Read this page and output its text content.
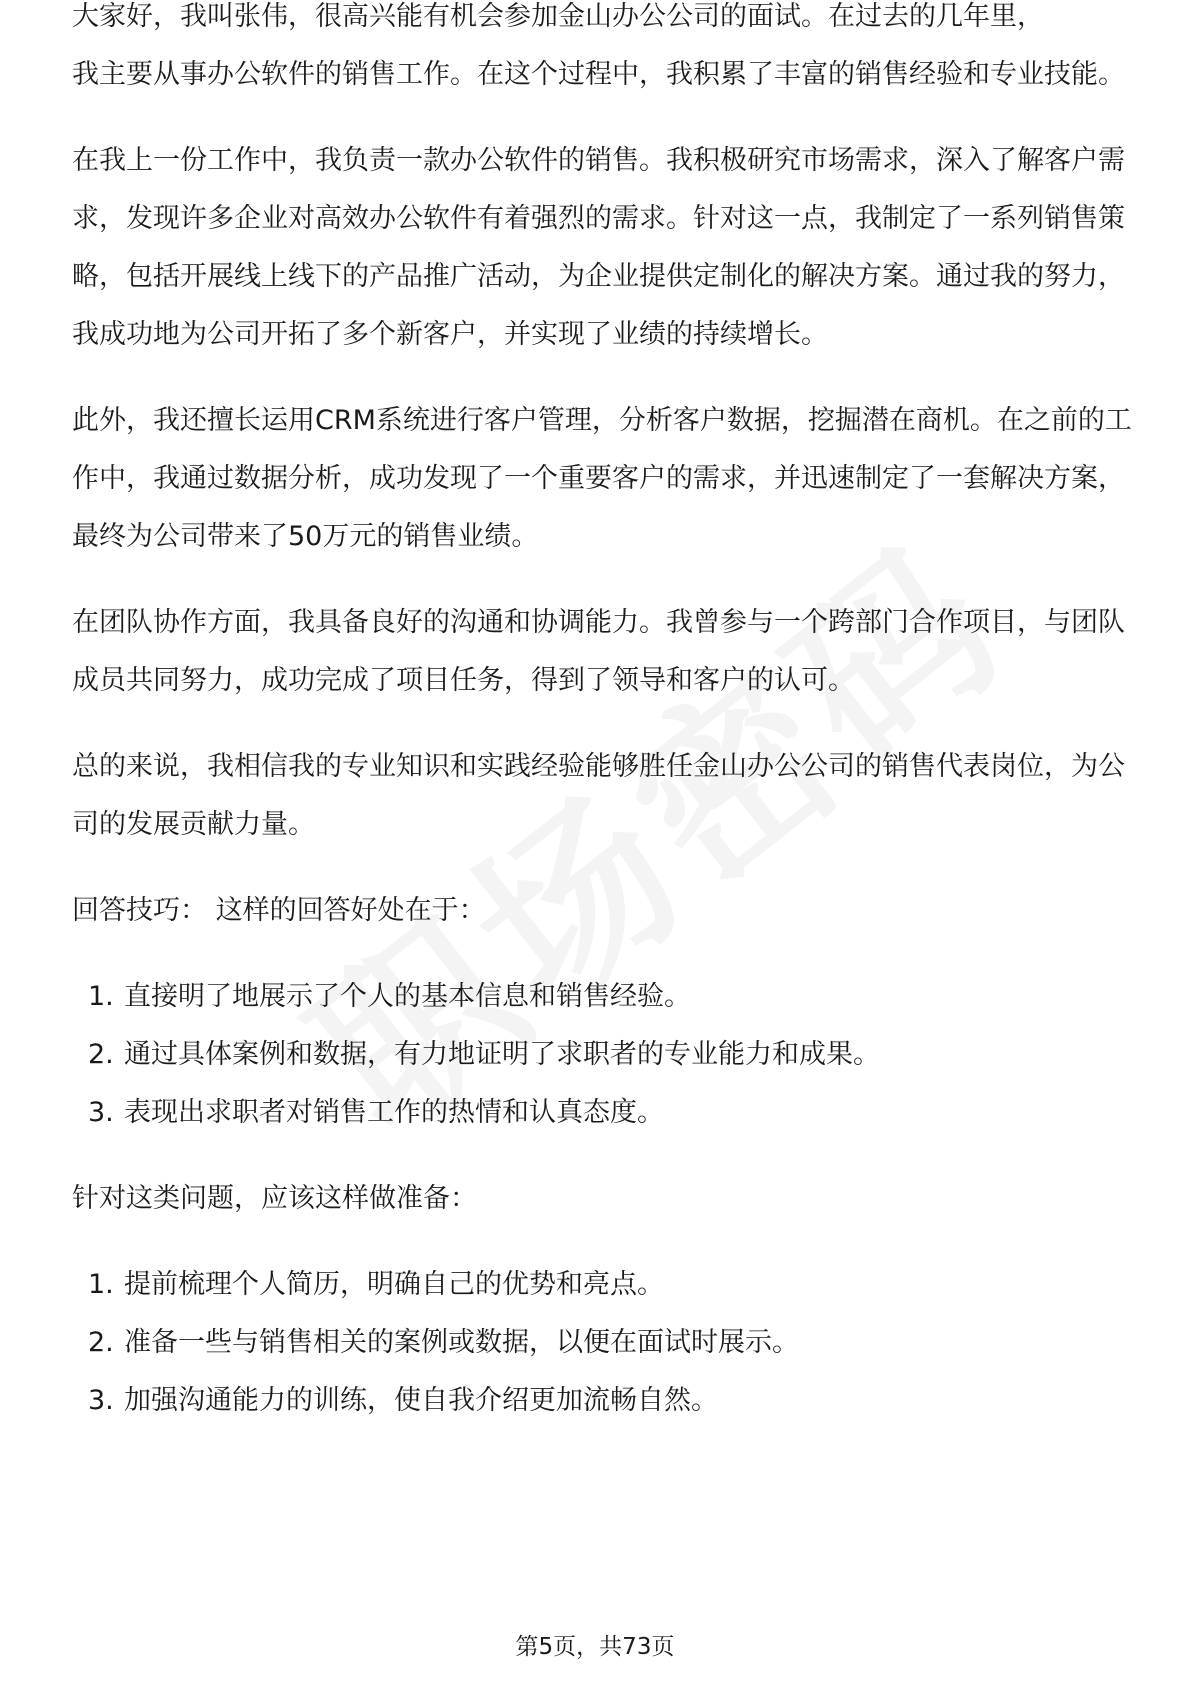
大家好，我叫张伟，很高兴能有机会参加金山办公公司的面试。在过去的几年里，

我主要从事办公软件的销售工作。在这个过程中，我积累了丰富的销售经验和专业技能。

在我上一份工作中，我负责一款办公软件的销售。我积极研究市场需求，深入了解客户需求，发现许多企业对高效办公软件有着强烈的需求。针对这一点，我制定了一系列销售策略，包括开展线上线下的产品推广活动，为企业提供定制化的解决方案。通过我的努力，我成功地为公司开拓了多个新客户，并实现了业绩的持续增长。

此外，我还擅长运用CRM系统进行客户管理，分析客户数据，挖掘潜在商机。在之前的工作中，我通过数据分析，成功发现了一个重要客户的需求，并迅速制定了一套解决方案，最终为公司带来了50万元的销售业绩。

在团队协作方面，我具备良好的沟通和协调能力。我曾参与一个跨部门合作项目，与团队成员共同努力，成功完成了项目任务，得到了领导和客户的认可。

总的来说，我相信我的专业知识和实践经验能够胜任金山办公公司的销售代表岗位，为公司的发展贡献力量。

回答技巧： 这样的回答好处在于：

1. 直接明了地展示了个人的基本信息和销售经验。
2. 通过具体案例和数据，有力地证明了求职者的专业能力和成果。
3. 表现出求职者对销售工作的热情和认真态度。

针对这类问题，应该这样做准备：

1. 提前梳理个人简历，明确自己的优势和亮点。
2. 准备一些与销售相关的案例或数据，以便在面试时展示。
3. 加强沟通能力的训练，使自我介绍更加流畅自然。
第5页，共73页
